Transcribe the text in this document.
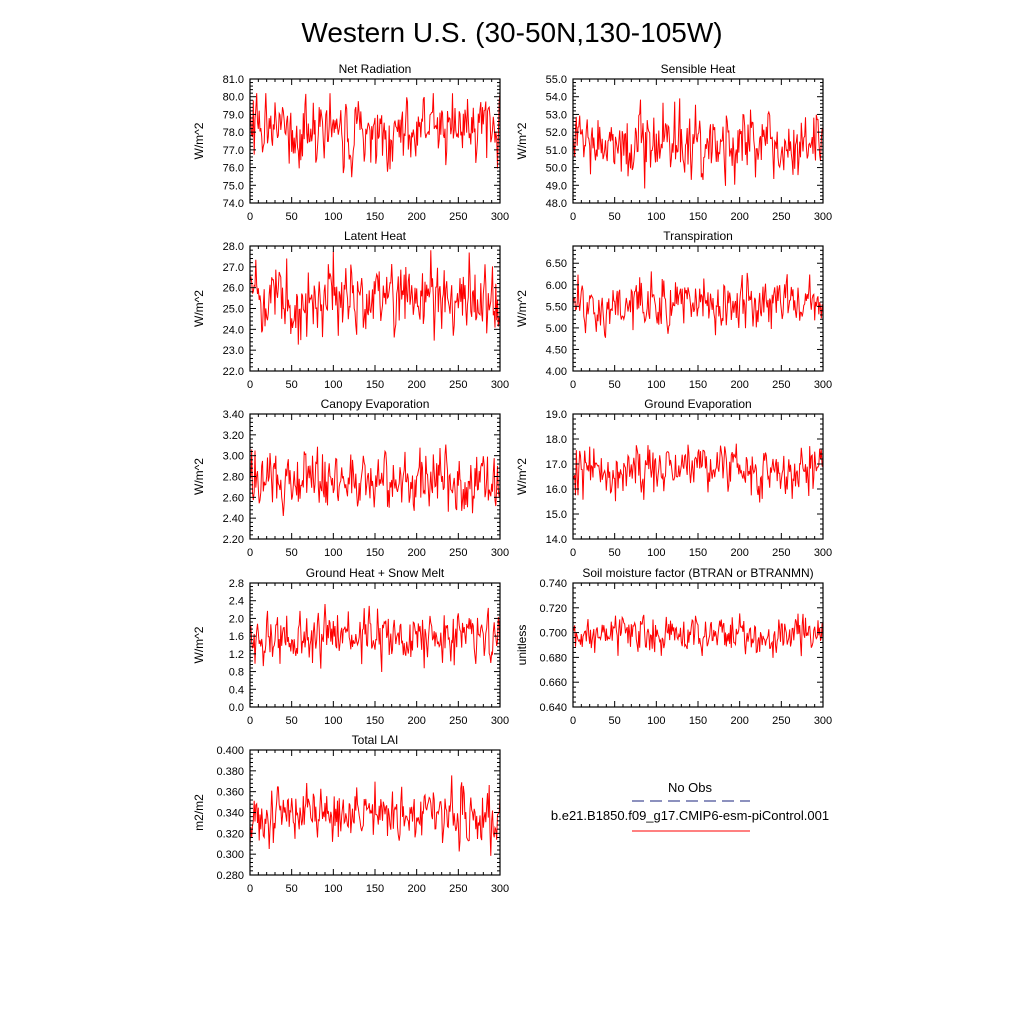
Western U.S. (30-50N,130-105W)
0	50 100 150 200 250 300
74.0
75.0
76.0
77.0
78.0
79.0
80.0
81.0
Net Radiation
W/m^2
0	50 100 150 200 250 300
48.0
49.0
50.0
51.0
52.0
53.0
54.0
55.0
Sensible Heat
W/m^2
0	50 100 150 200 250 300
22.0
23.0
24.0
25.0
26.0
27.0
28.0
Latent Heat
W/m^2
0	50 100 150 200 250 300
4.00
4.50
5.00
5.50
6.00
6.50
Transpiration
W/m^2
0	50 100 150 200 250 300
2.20
2.40
2.60
2.80
3.00
3.20
3.40
Canopy Evaporation
W/m^2
0	50 100 150 200 250 300
14.0
15.0
16.0
17.0
18.0
19.0
Ground Evaporation
W/m^2
0	50 100 150 200 250 300
0.0
0.4
0.8
1.2
1.6
2.0
2.4
2.8
Ground Heat + Snow Melt
W/m^2
0	50 100 150 200 250 300
0.640
0.660
0.680
0.700
0.720
0.740
Soil moisture factor (BTRAN or BTRANMN)
unitless
0	50 100 150 200 250 300
0.280
0.300
0.320
0.340
0.360
0.380
0.400
Total LAI
m2/m2
No Obs
b.e21.B1850.f09_g17.CMIP6-esm-piControl.001
